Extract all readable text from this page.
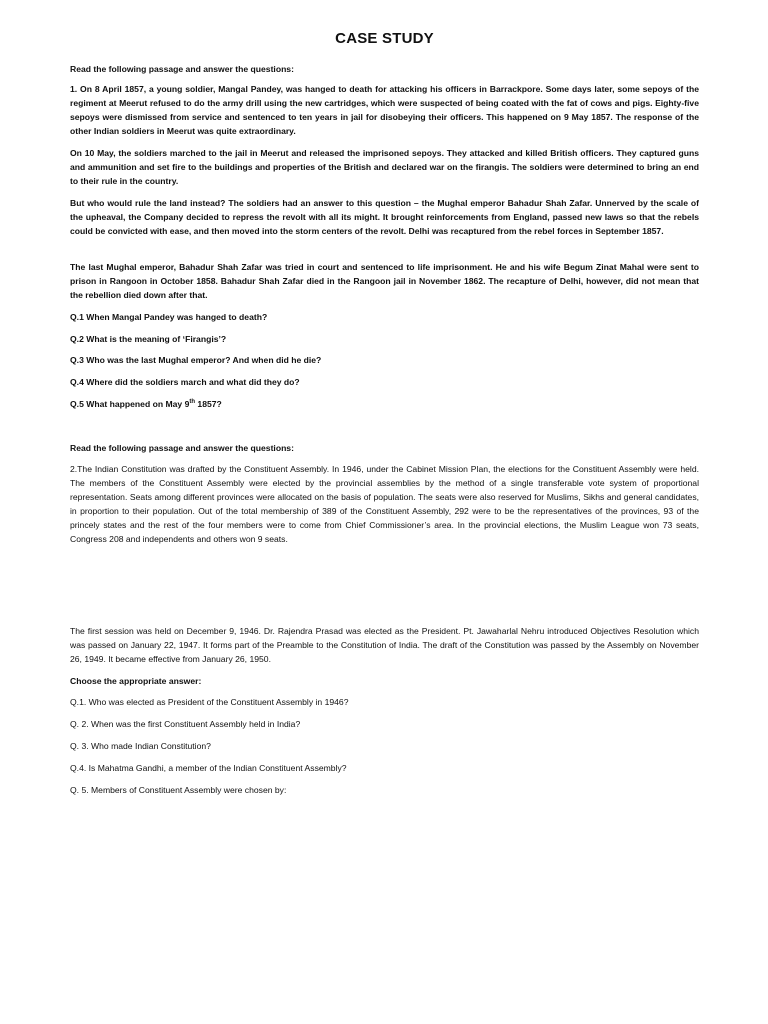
CASE STUDY
Read the following passage and answer the questions:
1. On 8 April 1857, a young soldier, Mangal Pandey, was hanged to death for attacking his officers in Barrackpore. Some days later, some sepoys of the regiment at Meerut refused to do the army drill using the new cartridges, which were suspected of being coated with the fat of cows and pigs. Eighty-five sepoys were dismissed from service and sentenced to ten years in jail for disobeying their officers. This happened on 9 May 1857. The response of the other Indian soldiers in Meerut was quite extraordinary.
On 10 May, the soldiers marched to the jail in Meerut and released the imprisoned sepoys. They attacked and killed British officers. They captured guns and ammunition and set fire to the buildings and properties of the British and declared war on the firangis. The soldiers were determined to bring an end to their rule in the country.
But who would rule the land instead? The soldiers had an answer to this question – the Mughal emperor Bahadur Shah Zafar. Unnerved by the scale of the upheaval, the Company decided to repress the revolt with all its might. It brought reinforcements from England, passed new laws so that the rebels could be convicted with ease, and then moved into the storm centers of the revolt. Delhi was recaptured from the rebel forces in September 1857.
The last Mughal emperor, Bahadur Shah Zafar was tried in court and sentenced to life imprisonment. He and his wife Begum Zinat Mahal were sent to prison in Rangoon in October 1858. Bahadur Shah Zafar died in the Rangoon jail in November 1862. The recapture of Delhi, however, did not mean that the rebellion died down after that.
Q.1 When Mangal Pandey was hanged to death?
Q.2 What is the meaning of ‘Firangis’?
Q.3 Who was the last Mughal emperor? And when did he die?
Q.4 Where did the soldiers march and what did they do?
Q.5 What happened on May 9th 1857?
Read the following passage and answer the questions:
2.The Indian Constitution was drafted by the Constituent Assembly. In 1946, under the Cabinet Mission Plan, the elections for the Constituent Assembly were held. The members of the Constituent Assembly were elected by the provincial assemblies by the method of a single transferable vote system of proportional representation. Seats among different provinces were allocated on the basis of population. The seats were also reserved for Muslims, Sikhs and general candidates, in proportion to their population. Out of the total membership of 389 of the Constituent Assembly, 292 were to be the representatives of the provinces, 93 of the princely states and the rest of the four members were to come from Chief Commissioner’s area. In the provincial elections, the Muslim League won 73 seats, Congress 208 and independents and others won 9 seats.
The first session was held on December 9, 1946. Dr. Rajendra Prasad was elected as the President. Pt. Jawaharlal Nehru introduced Objectives Resolution which was passed on January 22, 1947. It forms part of the Preamble to the Constitution of India. The draft of the Constitution was passed by the Assembly on November 26, 1949. It became effective from January 26, 1950.
Choose the appropriate answer:
Q.1. Who was elected as President of the Constituent Assembly in 1946?
Q. 2. When was the first Constituent Assembly held in India?
Q. 3. Who made Indian Constitution?
Q.4. Is Mahatma Gandhi, a member of the Indian Constituent Assembly?
Q. 5. Members of Constituent Assembly were chosen by:
